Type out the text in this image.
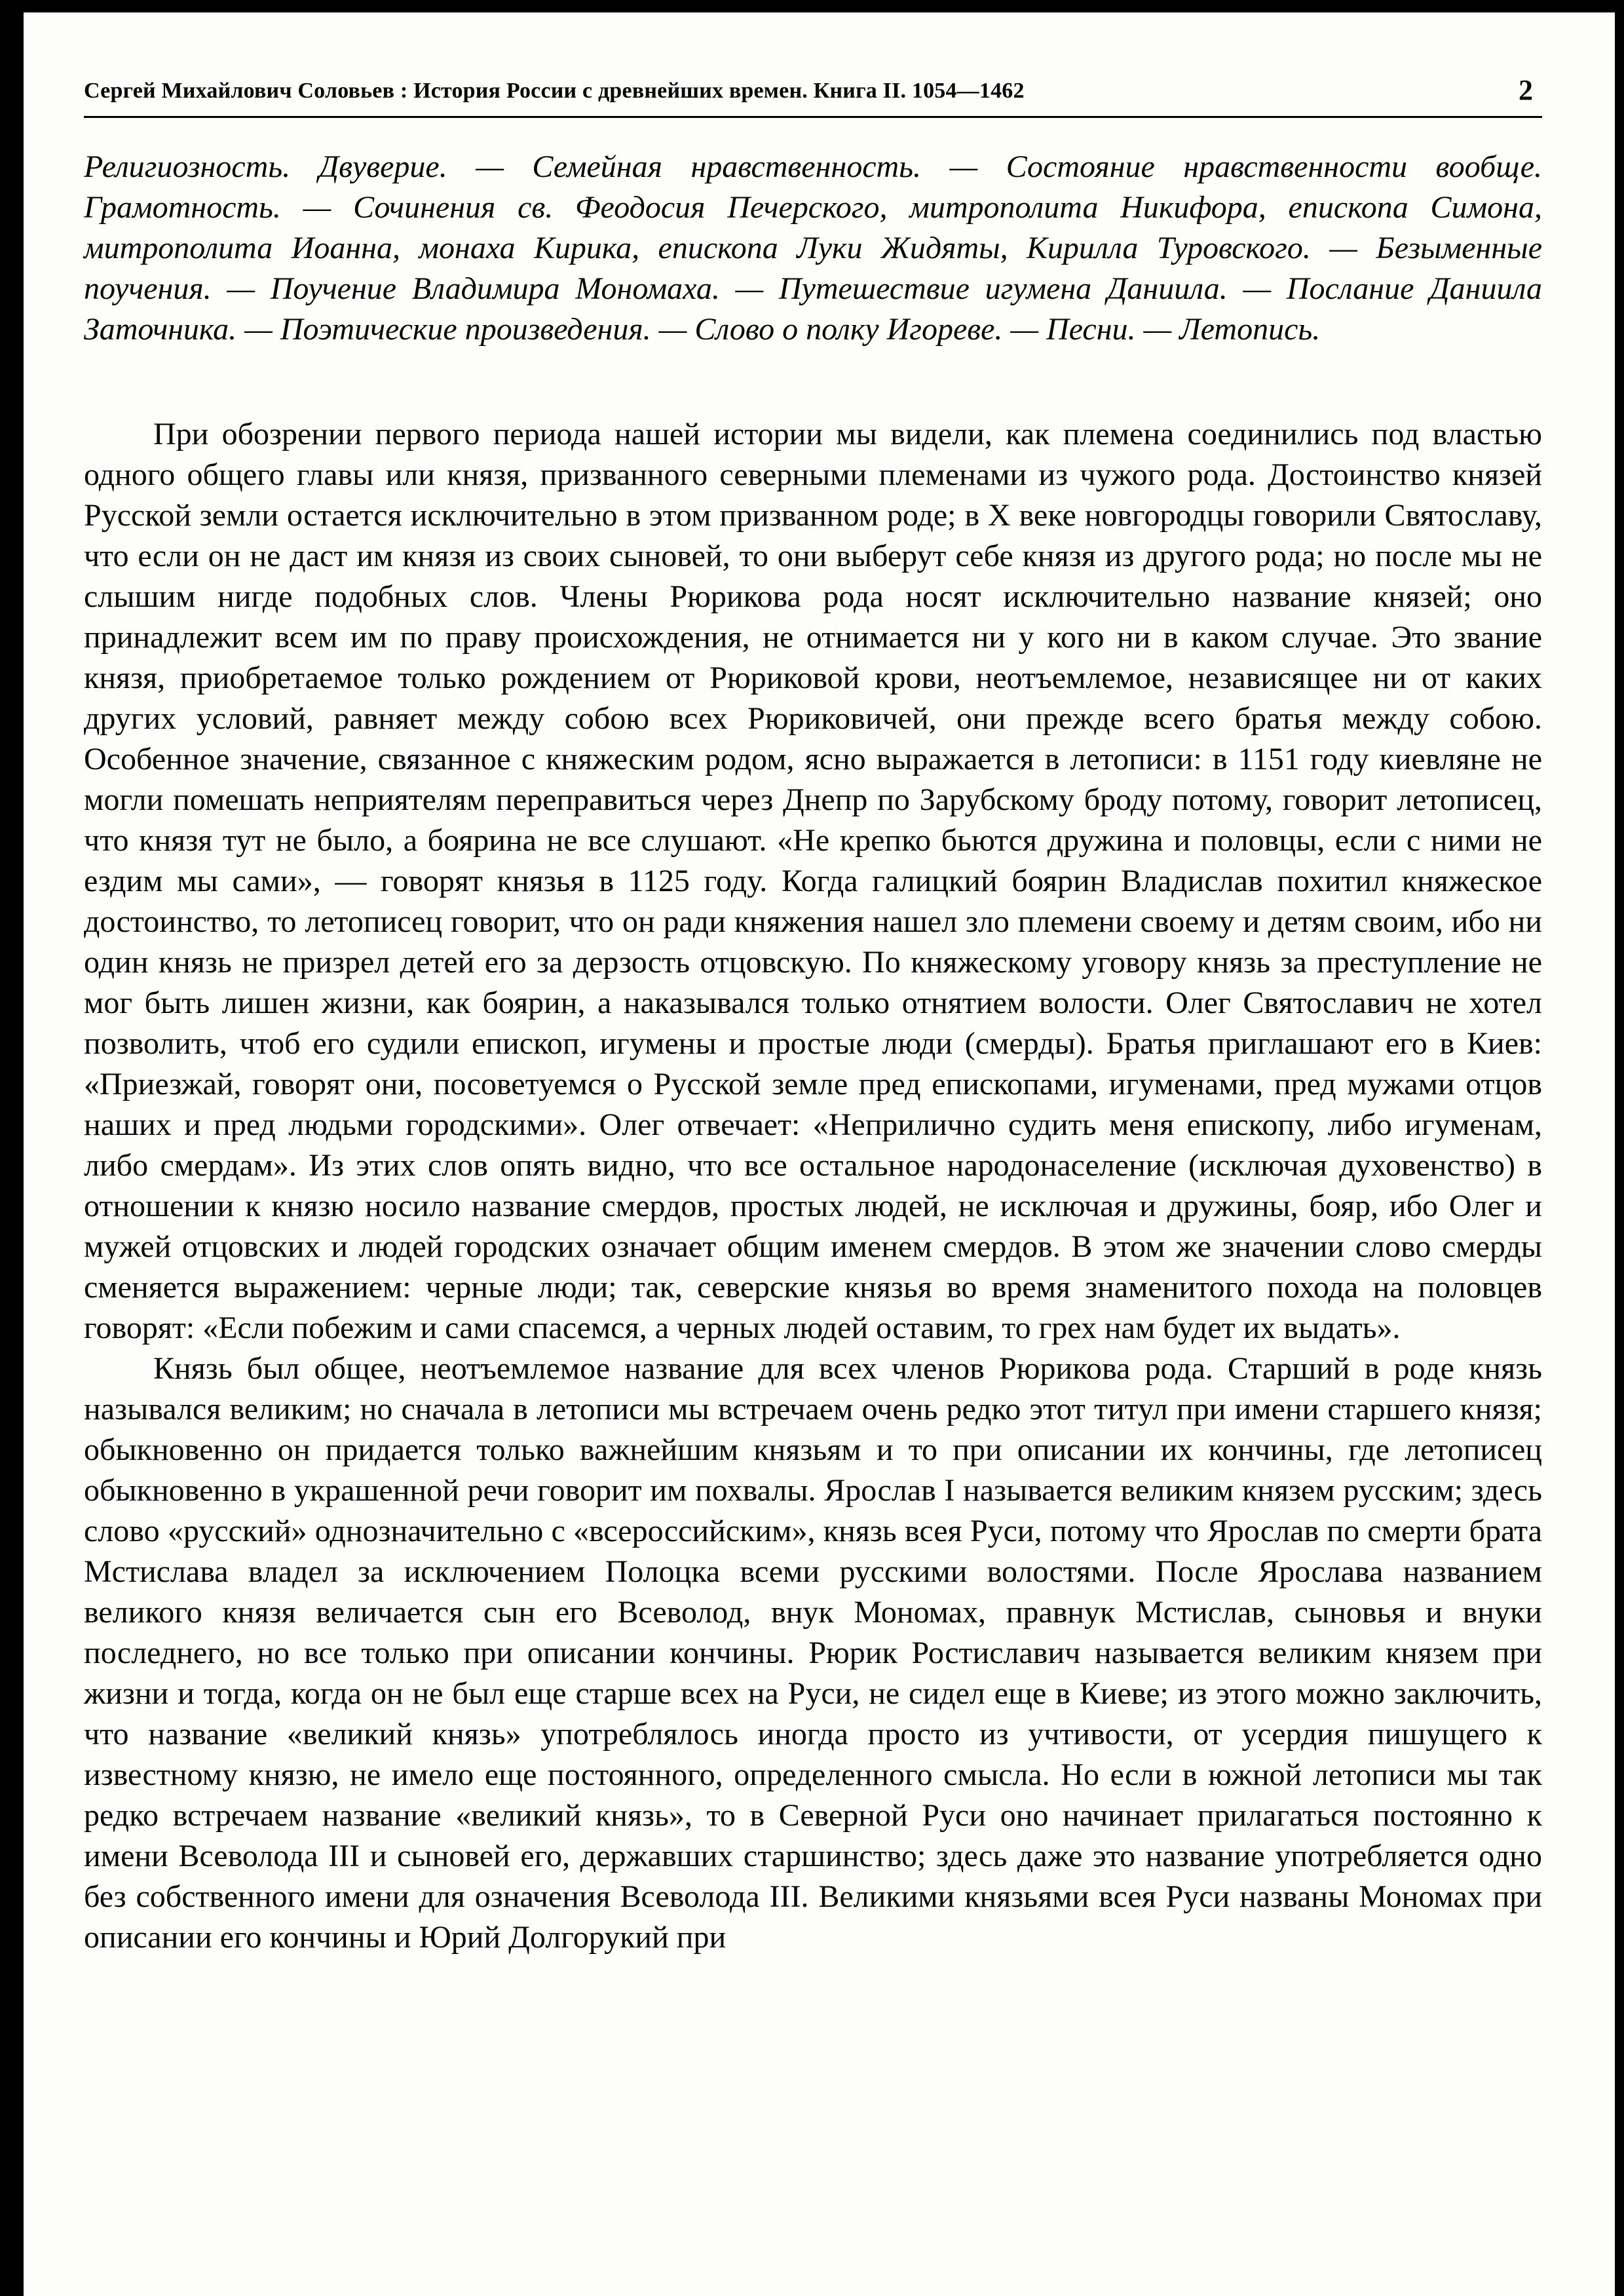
Сергей Михайлович Соловьев : История России с древнейших времен. Книга II. 1054—1462	2

Религиозность. Двуверие. — Семейная нравственность. — Состояние нравственности вообще. Грамотность. — Сочинения св. Феодосия Печерского, митрополита Никифора, епископа Симона, митрополита Иоанна, монаха Кирика, епископа Луки Жидяты, Кирилла Туровского. — Безыменные поучения. — Поучение Владимира Мономаха. — Путешествие игумена Даниила. — Послание Даниила Заточника. — Поэтические произведения. — Слово о полку Игореве. — Песни. — Летопись.

При обозрении первого периода нашей истории мы видели, как племена соединились под властью одного общего главы или князя, призванного северными племенами из чужого рода. Достоинство князей Русской земли остается исключительно в этом призванном роде; в X веке новгородцы говорили Святославу, что если он не даст им князя из своих сыновей, то они выберут себе князя из другого рода; но после мы не слышим нигде подобных слов. Члены Рюрикова рода носят исключительно название князей; оно принадлежит всем им по праву происхождения, не отнимается ни у кого ни в каком случае. Это звание князя, приобретаемое только рождением от Рюриковой крови, неотъемлемое, независящее ни от каких других условий, равняет между собою всех Рюриковичей, они прежде всего братья между собою. Особенное значение, связанное с княжеским родом, ясно выражается в летописи: в 1151 году киевляне не могли помешать неприятелям переправиться через Днепр по Зарубскому броду потому, говорит летописец, что князя тут не было, а боярина не все слушают. «Не крепко бьются дружина и половцы, если с ними не ездим мы сами», — говорят князья в 1125 году. Когда галицкий боярин Владислав похитил княжеское достоинство, то летописец говорит, что он ради княжения нашел зло племени своему и детям своим, ибо ни один князь не призрел детей его за дерзость отцовскую. По княжескому уговору князь за преступление не мог быть лишен жизни, как боярин, а наказывался только отнятием волости. Олег Святославич не хотел позволить, чтоб его судили епископ, игумены и простые люди (смерды). Братья приглашают его в Киев: «Приезжай, говорят они, посоветуемся о Русской земле пред епископами, игуменами, пред мужами отцов наших и пред людьми городскими». Олег отвечает: «Неприлично судить меня епископу, либо игуменам, либо смердам». Из этих слов опять видно, что все остальное народонаселение (исключая духовенство) в отношении к князю носило название смердов, простых людей, не исключая и дружины, бояр, ибо Олег и мужей отцовских и людей городских означает общим именем смердов. В этом же значении слово смерды сменяется выражением: черные люди; так, северские князья во время знаменитого похода на половцев говорят: «Если побежим и сами спасемся, а черных людей оставим, то грех нам будет их выдать».

Князь был общее, неотъемлемое название для всех членов Рюрикова рода. Старший в роде князь назывался великим; но сначала в летописи мы встречаем очень редко этот титул при имени старшего князя; обыкновенно он придается только важнейшим князьям и то при описании их кончины, где летописец обыкновенно в украшенной речи говорит им похвалы. Ярослав I называется великим князем русским; здесь слово «русский» однозначительно с «всероссийским», князь всея Руси, потому что Ярослав по смерти брата Мстислава владел за исключением Полоцка всеми русскими волостями. После Ярослава названием великого князя величается сын его Всеволод, внук Мономах, правнук Мстислав, сыновья и внуки последнего, но все только при описании кончины. Рюрик Ростиславич называется великим князем при жизни и тогда, когда он не был еще старше всех на Руси, не сидел еще в Киеве; из этого можно заключить, что название «великий князь» употреблялось иногда просто из учтивости, от усердия пишущего к известному князю, не имело еще постоянного, определенного смысла. Но если в южной летописи мы так редко встречаем название «великий князь», то в Северной Руси оно начинает прилагаться постоянно к имени Всеволода III и сыновей его, державших старшинство; здесь даже это название употребляется одно без собственного имени для означения Всеволода III. Великими князьями всея Руси названы Мономах при описании его кончины и Юрий Долгорукий при
